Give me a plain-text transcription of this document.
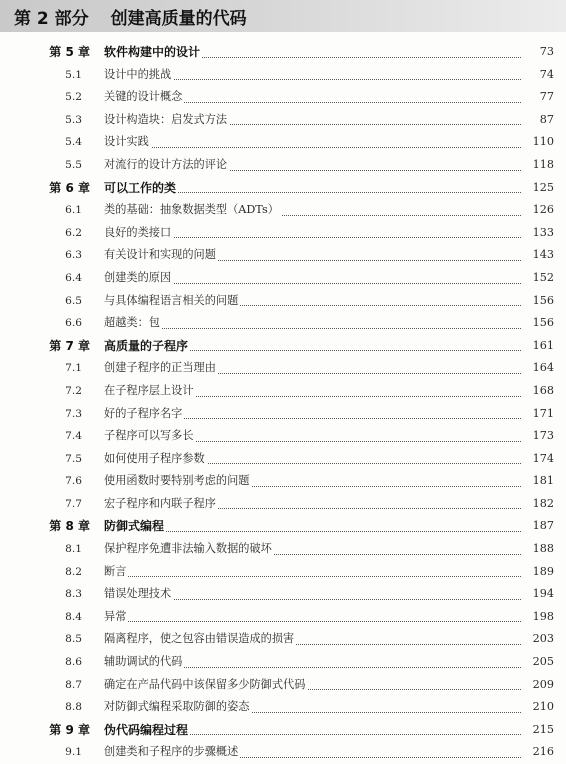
第 2 部分 创建高质量的代码
第 5 章 软件构建中的设计	73
5.1 设计中的挑战	74
5.2 关键的设计概念	77
5.3 设计构造块：启发式方法	87
5.4 设计实践	110
5.5 对流行的设计方法的评论	118
第 6 章 可以工作的类	125
6.1 类的基础：抽象数据类型（ADTs）	126
6.2 良好的类接口	133
6.3 有关设计和实现的问题	143
6.4 创建类的原因	152
6.5 与具体编程语言相关的问题	156
6.6 超越类：包	156
第 7 章 高质量的子程序	161
7.1 创建子程序的正当理由	164
7.2 在子程序层上设计	168
7.3 好的子程序名字	171
7.4 子程序可以写多长	173
7.5 如何使用子程序参数	174
7.6 使用函数时要特别考虑的问题	181
7.7 宏子程序和内联子程序	182
第 8 章 防御式编程	187
8.1 保护程序免遭非法输入数据的破坏	188
8.2 断言	189
8.3 错误处理技术	194
8.4 异常	198
8.5 隔离程序，使之包容由错误造成的损害	203
8.6 辅助调试的代码	205
8.7 确定在产品代码中该保留多少防御式代码	209
8.8 对防御式编程采取防御的姿态	210
第 9 章 伪代码编程过程	215
9.1 创建类和子程序的步骤概述	216
